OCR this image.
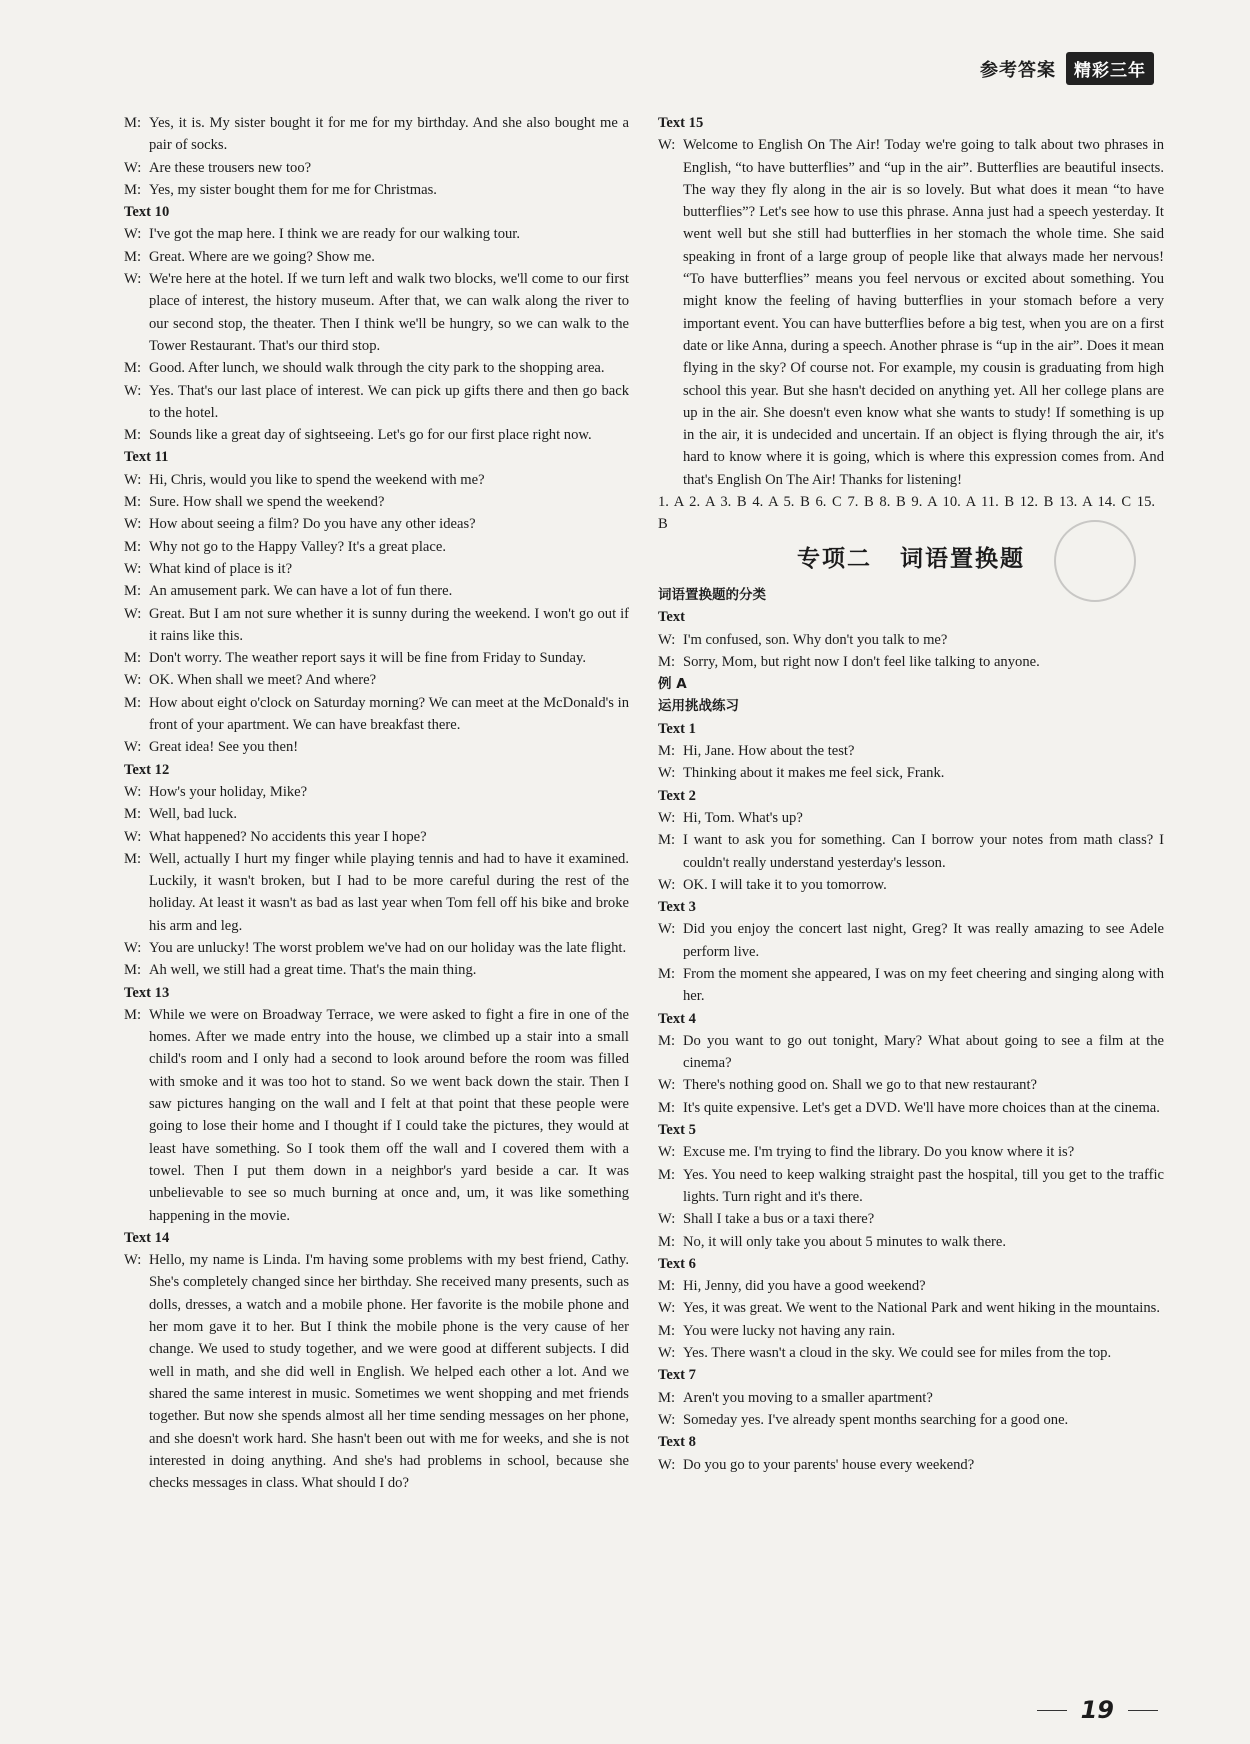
参考答案	精彩三年
M: Yes, it is. My sister bought it for me for my birthday. And she also bought me a pair of socks.
W: Are these trousers new too?
M: Yes, my sister bought them for me for Christmas.
Text 10
W: I've got the map here. I think we are ready for our walking tour.
M: Great. Where are we going? Show me.
W: We're here at the hotel. If we turn left and walk two blocks, we'll come to our first place of interest, the history museum. After that, we can walk along the river to our second stop, the theater. Then I think we'll be hungry, so we can walk to the Tower Restaurant. That's our third stop.
M: Good. After lunch, we should walk through the city park to the shopping area.
W: Yes. That's our last place of interest. We can pick up gifts there and then go back to the hotel.
M: Sounds like a great day of sightseeing. Let's go for our first place right now.
Text 11
W: Hi, Chris, would you like to spend the weekend with me?
M: Sure. How shall we spend the weekend?
W: How about seeing a film? Do you have any other ideas?
M: Why not go to the Happy Valley? It's a great place.
W: What kind of place is it?
M: An amusement park. We can have a lot of fun there.
W: Great. But I am not sure whether it is sunny during the weekend. I won't go out if it rains like this.
M: Don't worry. The weather report says it will be fine from Friday to Sunday.
W: OK. When shall we meet? And where?
M: How about eight o'clock on Saturday morning? We can meet at the McDonald's in front of your apartment. We can have breakfast there.
W: Great idea! See you then!
Text 12
W: How's your holiday, Mike?
M: Well, bad luck.
W: What happened? No accidents this year I hope?
M: Well, actually I hurt my finger while playing tennis and had to have it examined. Luckily, it wasn't broken, but I had to be more careful during the rest of the holiday. At least it wasn't as bad as last year when Tom fell off his bike and broke his arm and leg.
W: You are unlucky! The worst problem we've had on our holiday was the late flight.
M: Ah well, we still had a great time. That's the main thing.
Text 13
M: While we were on Broadway Terrace, we were asked to fight a fire in one of the homes. After we made entry into the house, we climbed up a stair into a small child's room and I only had a second to look around before the room was filled with smoke and it was too hot to stand. So we went back down the stair. Then I saw pictures hanging on the wall and I felt at that point that these people were going to lose their home and I thought if I could take the pictures, they would at least have something. So I took them off the wall and I covered them with a towel. Then I put them down in a neighbor's yard beside a car. It was unbelievable to see so much burning at once and, um, it was like something happening in the movie.
Text 14
W: Hello, my name is Linda. I'm having some problems with my best friend, Cathy. She's completely changed since her birthday. She received many presents, such as dolls, dresses, a watch and a mobile phone. Her favorite is the mobile phone and her mom gave it to her. But I think the mobile phone is the very cause of her change. We used to study together, and we were good at different subjects. I did well in math, and she did well in English. We helped each other a lot. And we shared the same interest in music. Sometimes we went shopping and met friends together. But now she spends almost all her time sending messages on her phone, and she doesn't work hard. She hasn't been out with me for weeks, and she is not interested in doing anything. And she's had problems in school, because she checks messages in class. What should I do?
Text 15
W: Welcome to English On The Air! Today we're going to talk about two phrases in English, “to have butterflies” and “up in the air”. Butterflies are beautiful insects. The way they fly along in the air is so lovely. But what does it mean “to have butterflies”? Let's see how to use this phrase. Anna just had a speech yesterday. It went well but she still had butterflies in her stomach the whole time. She said speaking in front of a large group of people like that always made her nervous! “To have butterflies” means you feel nervous or excited about something. You might know the feeling of having butterflies in your stomach before a very important event. You can have butterflies before a big test, when you are on a first date or like Anna, during a speech. Another phrase is “up in the air”. Does it mean flying in the sky? Of course not. For example, my cousin is graduating from high school this year. But she hasn't decided on anything yet. All her college plans are up in the air. She doesn't even know what she wants to study! If something is up in the air, it is undecided and uncertain. If an object is flying through the air, it's hard to know where it is going, which is where this expression comes from. And that's English On The Air! Thanks for listening!
1. A 2. A 3. B 4. A 5. B 6. C 7. B 8. B 9. A 10. A 11. B 12. B 13. A 14. C 15. B
专项二 词语置换题
词语置换题的分类
Text
W: I'm confused, son. Why don't you talk to me?
M: Sorry, Mom, but right now I don't feel like talking to anyone.
例 A
运用挑战练习
Text 1
M: Hi, Jane. How about the test?
W: Thinking about it makes me feel sick, Frank.
Text 2
W: Hi, Tom. What's up?
M: I want to ask you for something. Can I borrow your notes from math class? I couldn't really understand yesterday's lesson.
W: OK. I will take it to you tomorrow.
Text 3
W: Did you enjoy the concert last night, Greg? It was really amazing to see Adele perform live.
M: From the moment she appeared, I was on my feet cheering and singing along with her.
Text 4
M: Do you want to go out tonight, Mary? What about going to see a film at the cinema?
W: There's nothing good on. Shall we go to that new restaurant?
M: It's quite expensive. Let's get a DVD. We'll have more choices than at the cinema.
Text 5
W: Excuse me. I'm trying to find the library. Do you know where it is?
M: Yes. You need to keep walking straight past the hospital, till you get to the traffic lights. Turn right and it's there.
W: Shall I take a bus or a taxi there?
M: No, it will only take you about 5 minutes to walk there.
Text 6
M: Hi, Jenny, did you have a good weekend?
W: Yes, it was great. We went to the National Park and went hiking in the mountains.
M: You were lucky not having any rain.
W: Yes. There wasn't a cloud in the sky. We could see for miles from the top.
Text 7
M: Aren't you moving to a smaller apartment?
W: Someday yes. I've already spent months searching for a good one.
Text 8
W: Do you go to your parents' house every weekend?
19
